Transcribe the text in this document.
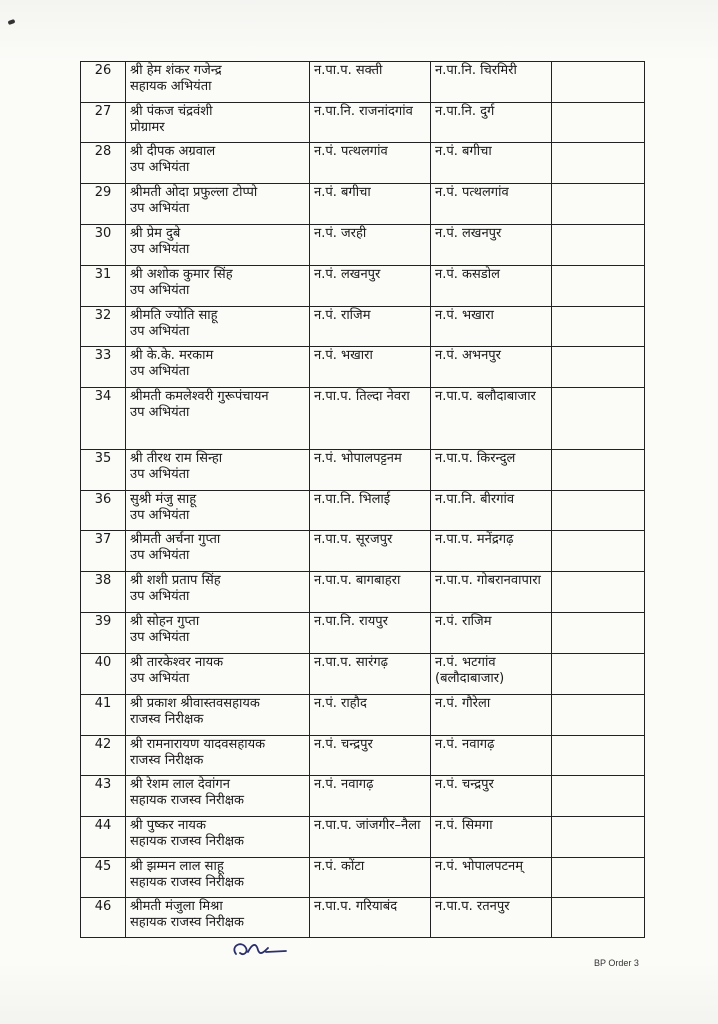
26	श्री हेम शंकर गजेन्द्र
सहायक अभियंता	न.पा.प. सक्ती	न.पा.नि. चिरमिरी	

27	श्री पंकज चंद्रवंशी
प्रोग्रामर	न.पा.नि. राजनांदगांव	न.पा.नि. दुर्ग	

28	श्री दीपक अग्रवाल
उप अभियंता	न.पं. पत्थलगांव	न.पं. बगीचा	

29	श्रीमती ओदा प्रफुल्ला टोप्पो
उप अभियंता	न.पं. बगीचा	न.पं. पत्थलगांव	

30	श्री प्रेम दुबे
उप अभियंता	न.पं. जरही	न.पं. लखनपुर	

31	श्री अशोक कुमार सिंह
उप अभियंता	न.पं. लखनपुर	न.पं. कसडोल	

32	श्रीमति ज्योति साहू
उप अभियंता	न.पं. राजिम	न.पं. भखारा	

33	श्री के.के. मरकाम
उप अभियंता	न.पं. भखारा	न.पं. अभनपुर	

34	श्रीमती कमलेश्वरी गुरूपंचायन
उप अभियंता	न.पा.प. तिल्दा नेवरा	न.पा.प. बलौदाबाजार	

35	श्री तीरथ राम सिन्हा
उप अभियंता	न.पं. भोपालपट्टनम	न.पा.प. किरन्दुल	

36	सुश्री मंजु साहू
उप अभियंता	न.पा.नि. भिलाई	न.पा.नि. बीरगांव	

37	श्रीमती अर्चना गुप्ता
उप अभियंता	न.पा.प. सूरजपुर	न.पा.प. मनेंद्रगढ़	

38	श्री शशी प्रताप सिंह
उप अभियंता	न.पा.प. बागबाहरा	न.पा.प. गोबरानवापारा	

39	श्री सोहन गुप्ता
उप अभियंता	न.पा.नि. रायपुर	न.पं. राजिम	

40	श्री तारकेश्वर नायक
उप अभियंता	न.पा.प. सारंगढ़	न.पं. भटगांव (बलौदाबाजार)	

41	श्री प्रकाश श्रीवास्तवसहायक
राजस्व निरीक्षक	न.पं. राहौद	न.पं. गौरेला	

42	श्री रामनारायण यादवसहायक
राजस्व निरीक्षक	न.पं. चन्द्रपुर	न.पं. नवागढ़	

43	श्री रेशम लाल देवांगन
सहायक राजस्व निरीक्षक	न.पं. नवागढ़	न.पं. चन्द्रपुर	

44	श्री पुष्कर नायक
सहायक राजस्व निरीक्षक	न.पा.प. जांजगीर–नैला	न.पं. सिमगा	

45	श्री झम्मन लाल साहू
सहायक राजस्व निरीक्षक	न.पं. कोंटा	न.पं. भोपालपटनम्	

46	श्रीमती मंजुला मिश्रा
सहायक राजस्व निरीक्षक	न.पा.प. गरियाबंद	न.पा.प. रतनपुर	

BP Order 3
